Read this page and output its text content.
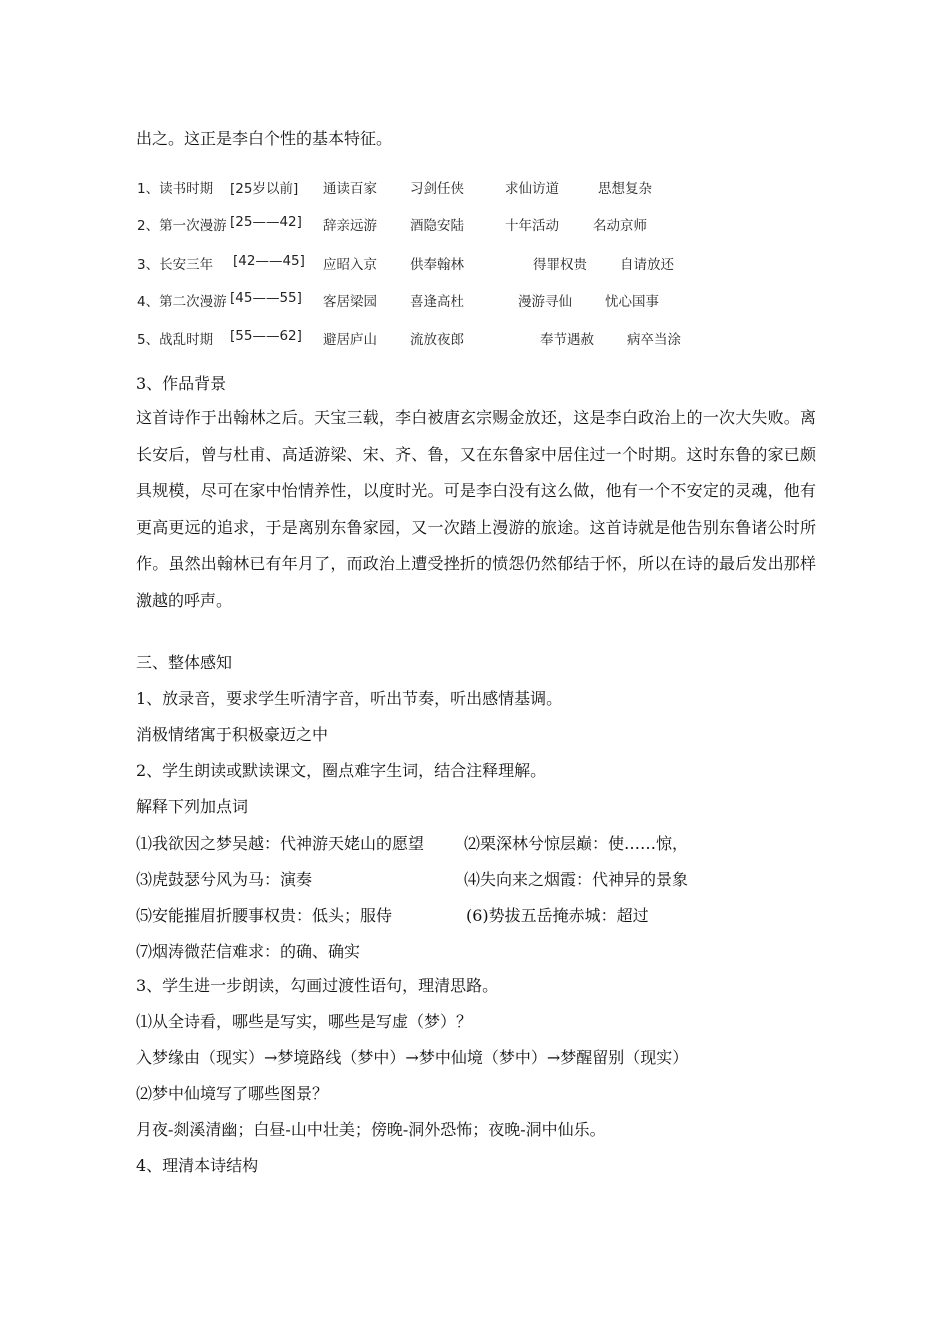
出之。这正是李白个性的基本特征。
1、读书时期 [25岁以前] 通读百家 习剑任侠	求仙访道	思想复杂
2、第一次漫游 [25——42] 辞亲远游 酒隐安陆	十年活动	名动京师
3、长安三年 [42——45] 应昭入京 供奉翰林	得罪权贵 自请放还
4、第二次漫游 [45——55] 客居梁园 喜逢高杜	漫游寻仙 忧心国事
5、战乱时期 [55——62] 避居庐山 流放夜郎	奉节遇赦 病卒当涂
3、作品背景
这首诗作于出翰林之后。天宝三载，李白被唐玄宗赐金放还，这是李白政治上的一次大失败。离长安后，曾与杜甫、高适游梁、宋、齐、鲁，又在东鲁家中居住过一个时期。这时东鲁的家已颇具规模，尽可在家中怡情养性，以度时光。可是李白没有这么做，他有一个不安定的灵魂，他有更高更远的追求，于是离别东鲁家园，又一次踏上漫游的旅途。这首诗就是他告别东鲁诸公时所作。虽然出翰林已有年月了，而政治上遭受挫折的愤怨仍然郁结于怀，所以在诗的最后发出那样激越的呼声。
三、整体感知
1、放录音，要求学生听清字音，听出节奏，听出感情基调。
消极情绪寓于积极豪迈之中
2、学生朗读或默读课文，圈点难字生词，结合注释理解。
解释下列加点词
⑴我欲因之梦吴越：代神游天姥山的愿望 ⑵栗深林兮惊层巅：使……惊，
⑶虎鼓瑟兮风为马：演奏	⑷失向来之烟霞：代神异的景象
⑸安能摧眉折腰事权贵：低头；服侍	(6)势拔五岳掩赤城：超过
⑺烟涛微茫信难求：的确、确实
3、学生进一步朗读，勾画过渡性语句，理清思路。
⑴从全诗看，哪些是写实，哪些是写虚（梦）？
入梦缘由（现实）→梦境路线（梦中）→梦中仙境（梦中）→梦醒留别（现实）
⑵梦中仙境写了哪些图景？
月夜-剡溪清幽；白昼-山中壮美；傍晚-洞外恐怖；夜晚-洞中仙乐。
4、理清本诗结构
